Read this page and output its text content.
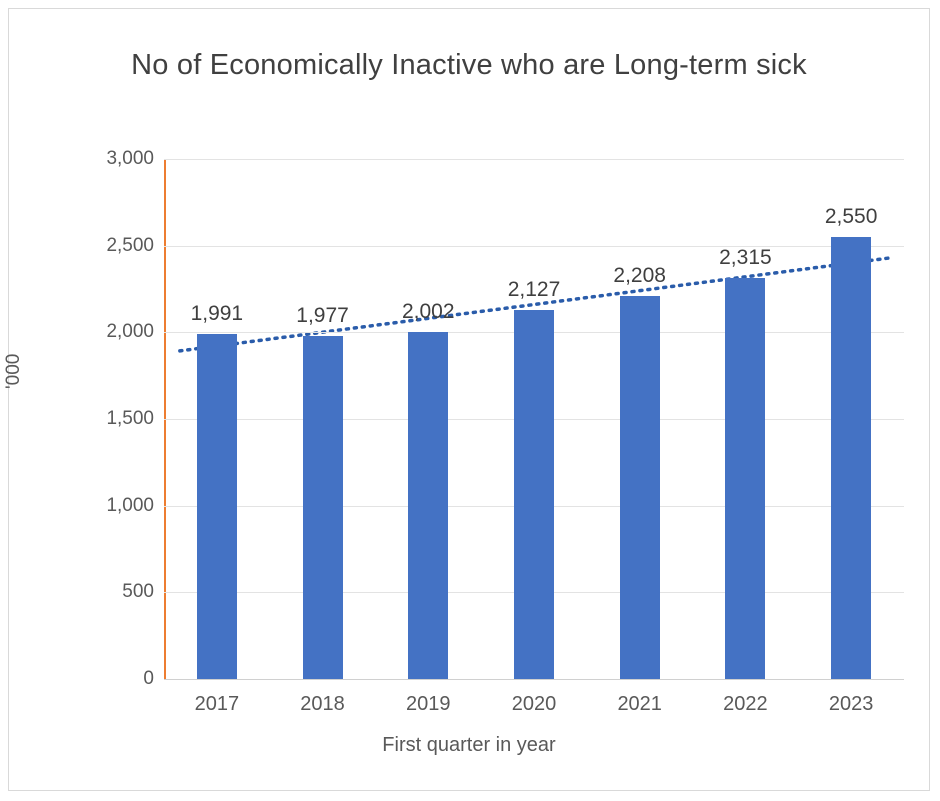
No of Economically Inactive who are Long-term sick
0
500
1,000
1,500
2,000
2,500
3,000
'000
1,991	1,977	2,002
2,127
2,208
2,315
2,550
2017	2018	2019	2020	2021	2022	2023
First quarter in year
